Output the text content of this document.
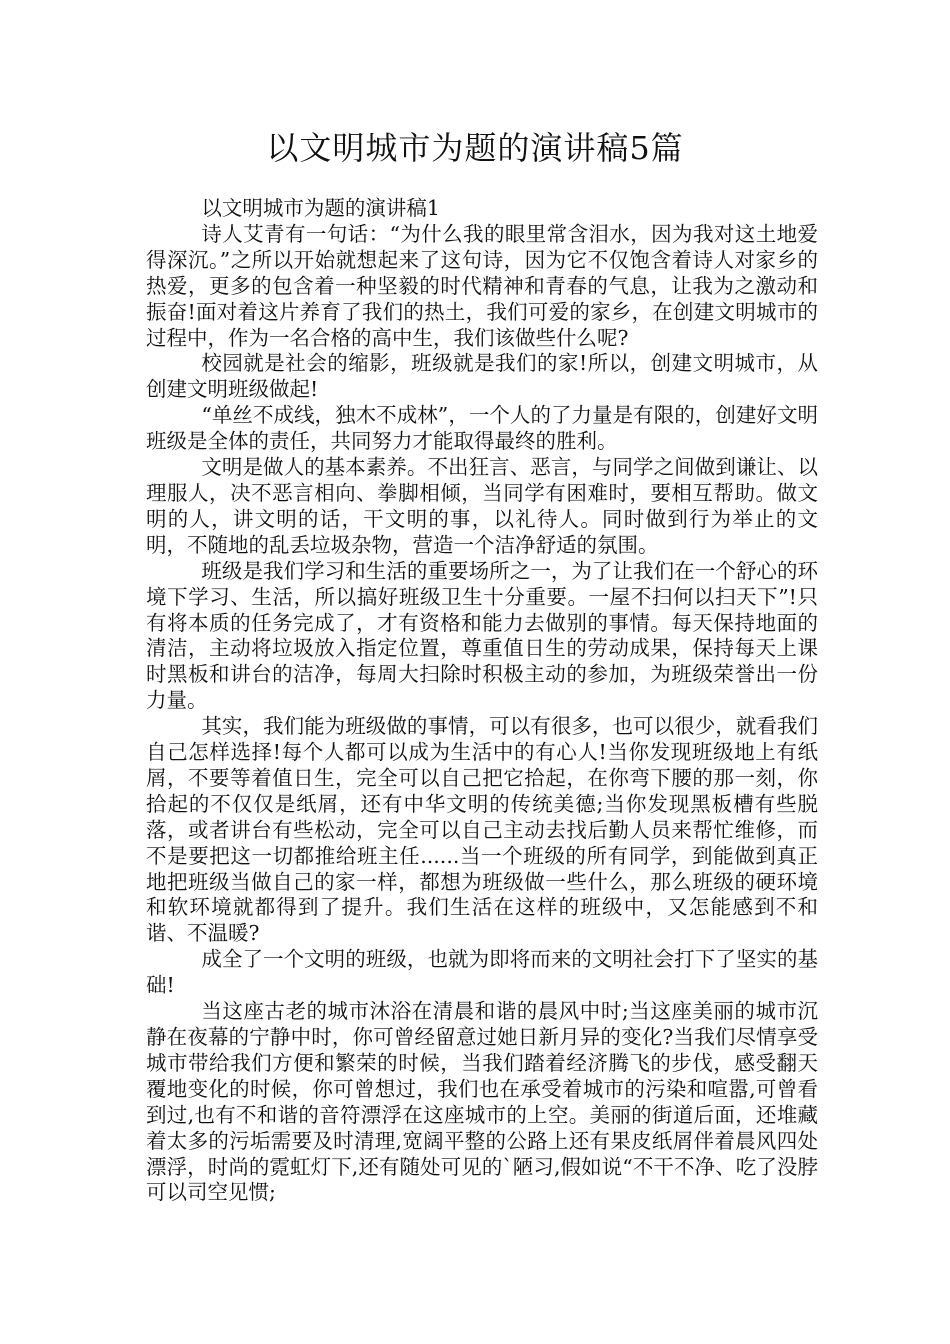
以文明城市为题的演讲稿5篇

以文明城市为题的演讲稿1

诗人艾青有一句话：“为什么我的眼里常含泪水，因为我对这土地爱得深沉。”之所以开始就想起来了这句诗，因为它不仅饱含着诗人对家乡的热爱，更多的包含着一种坚毅的时代精神和青春的气息，让我为之激动和振奋!面对着这片养育了我们的热土，我们可爱的家乡，在创建文明城市的过程中，作为一名合格的高中生，我们该做些什么呢?

校园就是社会的缩影，班级就是我们的家!所以，创建文明城市，从创建文明班级做起!

“单丝不成线，独木不成林”，一个人的了力量是有限的，创建好文明班级是全体的责任，共同努力才能取得最终的胜利。

文明是做人的基本素养。不出狂言、恶言，与同学之间做到谦让、以理服人，决不恶言相向、拳脚相倾，当同学有困难时，要相互帮助。做文明的人，讲文明的话，干文明的事，以礼待人。同时做到行为举止的文明，不随地的乱丢垃圾杂物，营造一个洁净舒适的氛围。

班级是我们学习和生活的重要场所之一，为了让我们在一个舒心的环境下学习、生活，所以搞好班级卫生十分重要。一屋不扫何以扫天下”!只有将本质的任务完成了，才有资格和能力去做别的事情。每天保持地面的清洁，主动将垃圾放入指定位置，尊重值日生的劳动成果，保持每天上课时黑板和讲台的洁净，每周大扫除时积极主动的参加，为班级荣誉出一份力量。

其实，我们能为班级做的事情，可以有很多，也可以很少，就看我们自己怎样选择!每个人都可以成为生活中的有心人!当你发现班级地上有纸屑，不要等着值日生，完全可以自己把它拾起，在你弯下腰的那一刻，你拾起的不仅仅是纸屑，还有中华文明的传统美德;当你发现黑板槽有些脱落，或者讲台有些松动，完全可以自己主动去找后勤人员来帮忙维修，而不是要把这一切都推给班主任......当一个班级的所有同学，到能做到真正地把班级当做自己的家一样，都想为班级做一些什么，那么班级的硬环境和软环境就都得到了提升。我们生活在这样的班级中，又怎能感到不和谐、不温暖?

成全了一个文明的班级，也就为即将而来的文明社会打下了坚实的基础!

当这座古老的城市沐浴在清晨和谐的晨风中时;当这座美丽的城市沉静在夜幕的宁静中时，你可曾经留意过她日新月异的变化?当我们尽情享受城市带给我们方便和繁荣的时候，当我们踏着经济腾飞的步伐，感受翻天覆地变化的时候，你可曾想过，我们也在承受着城市的污染和喧嚣,可曾看到过,也有不和谐的音符漂浮在这座城市的上空。美丽的街道后面，还堆藏着太多的污垢需要及时清理,宽阔平整的公路上还有果皮纸屑伴着晨风四处漂浮，时尚的霓虹灯下,还有随处可见的`陋习,假如说“不干不净、吃了没脖可以司空见惯;
